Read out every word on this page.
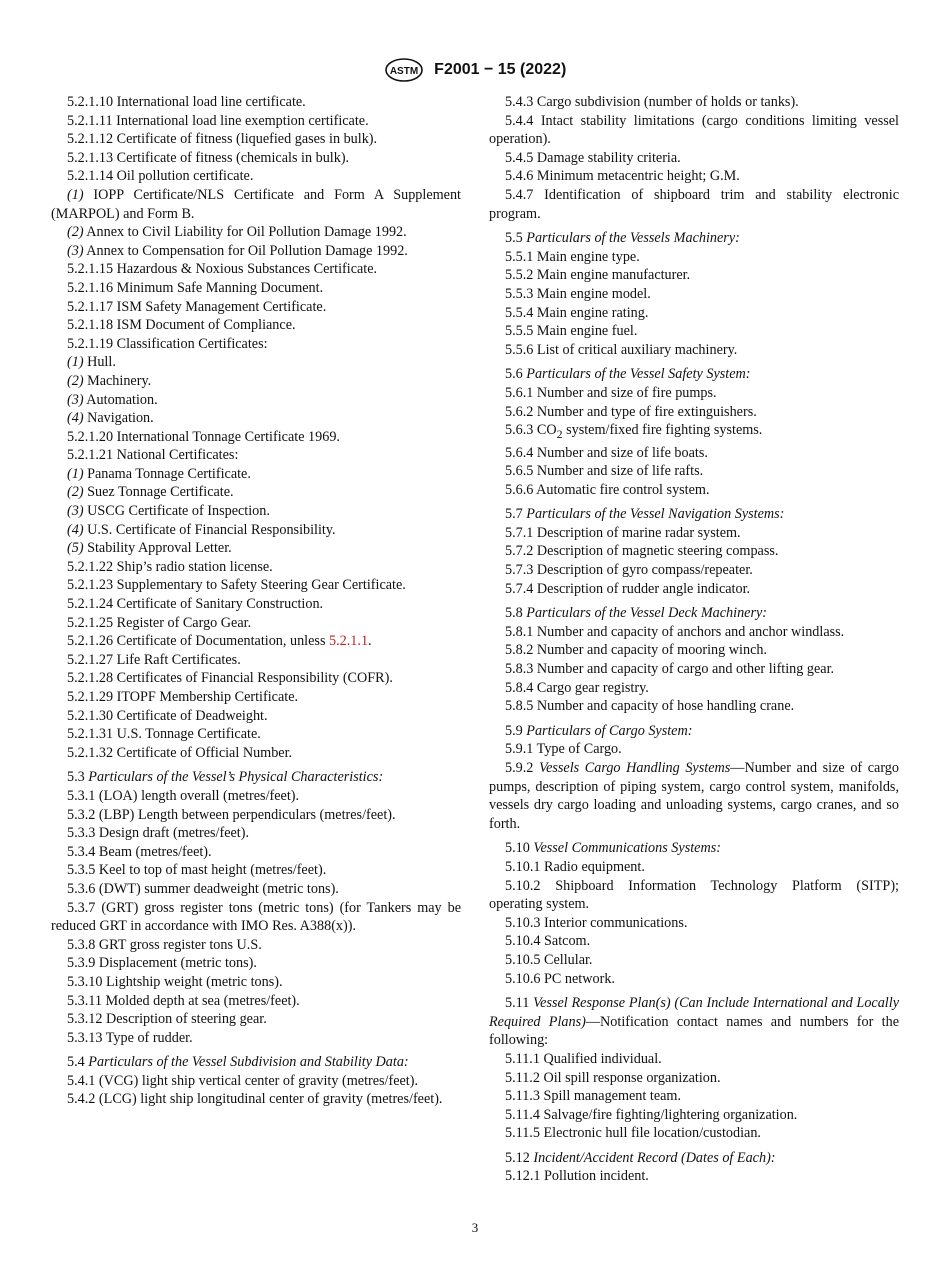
ASTM F2001 − 15 (2022)

5.2.1.10 International load line certificate.

5.2.1.11 International load line exemption certificate.

5.2.1.12 Certificate of fitness (liquefied gases in bulk).

5.2.1.13 Certificate of fitness (chemicals in bulk).

5.2.1.14 Oil pollution certificate.

(1) IOPP Certificate/NLS Certificate and Form A Supplement (MARPOL) and Form B.

(2) Annex to Civil Liability for Oil Pollution Damage 1992.

(3) Annex to Compensation for Oil Pollution Damage 1992.

5.2.1.15 Hazardous & Noxious Substances Certificate.

5.2.1.16 Minimum Safe Manning Document.

5.2.1.17 ISM Safety Management Certificate.

5.2.1.18 ISM Document of Compliance.

5.2.1.19 Classification Certificates:

(1) Hull.

(2) Machinery.

(3) Automation.

(4) Navigation.

5.2.1.20 International Tonnage Certificate 1969.

5.2.1.21 National Certificates:

(1) Panama Tonnage Certificate.

(2) Suez Tonnage Certificate.

(3) USCG Certificate of Inspection.

(4) U.S. Certificate of Financial Responsibility.

(5) Stability Approval Letter.

5.2.1.22 Ship’s radio station license.

5.2.1.23 Supplementary to Safety Steering Gear Certificate.

5.2.1.24 Certificate of Sanitary Construction.

5.2.1.25 Register of Cargo Gear.

5.2.1.26 Certificate of Documentation, unless 5.2.1.1.

5.2.1.27 Life Raft Certificates.

5.2.1.28 Certificates of Financial Responsibility (COFR).

5.2.1.29 ITOPF Membership Certificate.

5.2.1.30 Certificate of Deadweight.

5.2.1.31 U.S. Tonnage Certificate.

5.2.1.32 Certificate of Official Number.

5.3 Particulars of the Vessel’s Physical Characteristics:

5.3.1 (LOA) length overall (metres/feet).

5.3.2 (LBP) Length between perpendiculars (metres/feet).

5.3.3 Design draft (metres/feet).

5.3.4 Beam (metres/feet).

5.3.5 Keel to top of mast height (metres/feet).

5.3.6 (DWT) summer deadweight (metric tons).

5.3.7 (GRT) gross register tons (metric tons) (for Tankers may be reduced GRT in accordance with IMO Res. A388(x)).

5.3.8 GRT gross register tons U.S.

5.3.9 Displacement (metric tons).

5.3.10 Lightship weight (metric tons).

5.3.11 Molded depth at sea (metres/feet).

5.3.12 Description of steering gear.

5.3.13 Type of rudder.

5.4 Particulars of the Vessel Subdivision and Stability Data:

5.4.1 (VCG) light ship vertical center of gravity (metres/feet).

5.4.2 (LCG) light ship longitudinal center of gravity (metres/feet).

5.4.3 Cargo subdivision (number of holds or tanks).

5.4.4 Intact stability limitations (cargo conditions limiting vessel operation).

5.4.5 Damage stability criteria.

5.4.6 Minimum metacentric height; G.M.

5.4.7 Identification of shipboard trim and stability electronic program.

5.5 Particulars of the Vessels Machinery:

5.5.1 Main engine type.

5.5.2 Main engine manufacturer.

5.5.3 Main engine model.

5.5.4 Main engine rating.

5.5.5 Main engine fuel.

5.5.6 List of critical auxiliary machinery.

5.6 Particulars of the Vessel Safety System:

5.6.1 Number and size of fire pumps.

5.6.2 Number and type of fire extinguishers.

5.6.3 $CO_2$ system/fixed fire fighting systems.

5.6.4 Number and size of life boats.

5.6.5 Number and size of life rafts.

5.6.6 Automatic fire control system.

5.7 Particulars of the Vessel Navigation Systems:

5.7.1 Description of marine radar system.

5.7.2 Description of magnetic steering compass.

5.7.3 Description of gyro compass/repeater.

5.7.4 Description of rudder angle indicator.

5.8 Particulars of the Vessel Deck Machinery:

5.8.1 Number and capacity of anchors and anchor windlass.

5.8.2 Number and capacity of mooring winch.

5.8.3 Number and capacity of cargo and other lifting gear.

5.8.4 Cargo gear registry.

5.8.5 Number and capacity of hose handling crane.

5.9 Particulars of Cargo System:

5.9.1 Type of Cargo.

5.9.2 Vessels Cargo Handling Systems—Number and size of cargo pumps, description of piping system, cargo control system, manifolds, vessels dry cargo loading and unloading systems, cargo cranes, and so forth.

5.10 Vessel Communications Systems:

5.10.1 Radio equipment.

5.10.2 Shipboard Information Technology Platform (SITP); operating system.

5.10.3 Interior communications.

5.10.4 Satcom.

5.10.5 Cellular.

5.10.6 PC network.

5.11 Vessel Response Plan(s) (Can Include International and Locally Required Plans)—Notification contact names and numbers for the following:

5.11.1 Qualified individual.

5.11.2 Oil spill response organization.

5.11.3 Spill management team.

5.11.4 Salvage/fire fighting/lightering organization.

5.11.5 Electronic hull file location/custodian.

5.12 Incident/Accident Record (Dates of Each):

5.12.1 Pollution incident.

3
